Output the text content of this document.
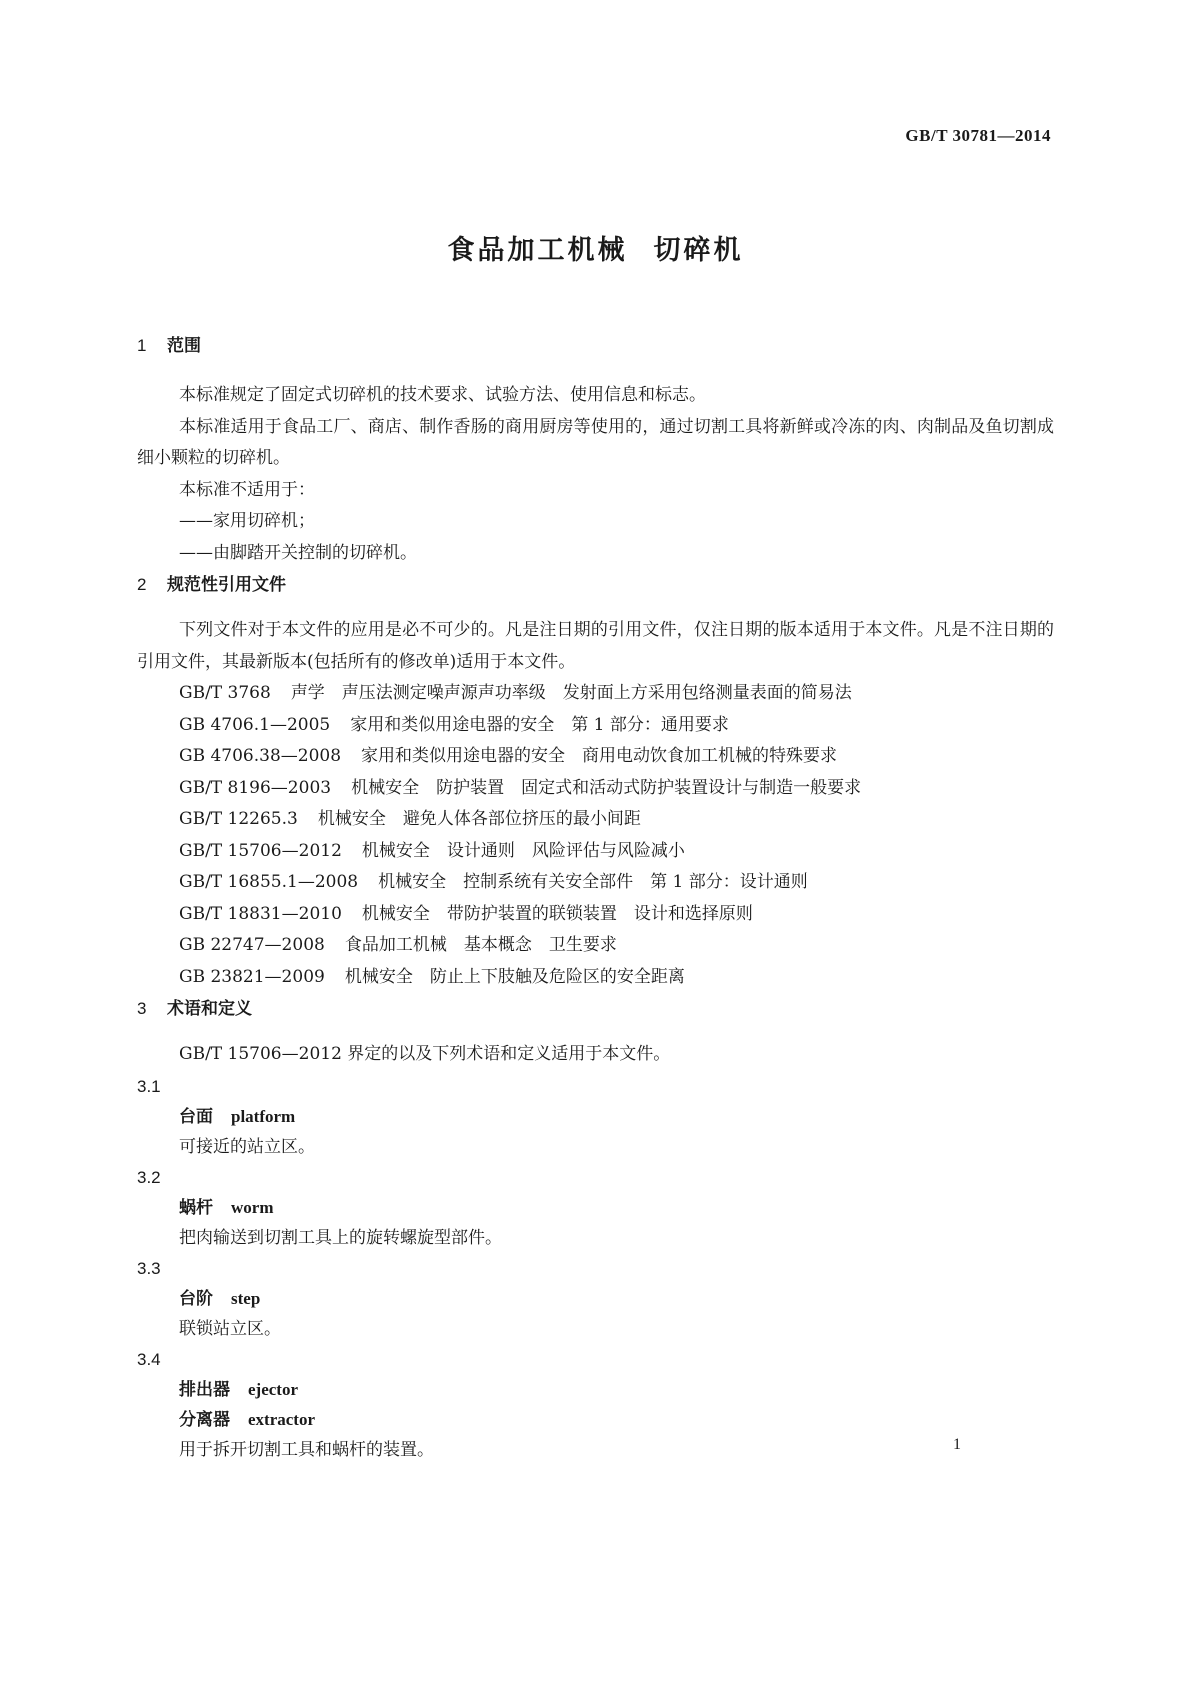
GB/T 30781—2014
食品加工机械 切碎机
1 范围

本标准规定了固定式切碎机的技术要求、试验方法、使用信息和标志。

本标准适用于食品工厂、商店、制作香肠的商用厨房等使用的，通过切割工具将新鲜或冷冻的肉、肉制品及鱼切割成细小颗粒的切碎机。

本标准不适用于：

——家用切碎机；
——由脚踏开关控制的切碎机。
2 规范性引用文件

下列文件对于本文件的应用是必不可少的。凡是注日期的引用文件，仅注日期的版本适用于本文件。凡是不注日期的引用文件，其最新版本(包括所有的修改单)适用于本文件。

GB/T 3768 声学　声压法测定噪声源声功率级　发射面上方采用包络测量表面的简易法
GB 4706.1—2005 家用和类似用途电器的安全　第 1 部分：通用要求
GB 4706.38—2008 家用和类似用途电器的安全　商用电动饮食加工机械的特殊要求
GB/T 8196—2003 机械安全　防护装置　固定式和活动式防护装置设计与制造一般要求
GB/T 12265.3 机械安全　避免人体各部位挤压的最小间距
GB/T 15706—2012 机械安全　设计通则　风险评估与风险减小
GB/T 16855.1—2008 机械安全　控制系统有关安全部件　第 1 部分：设计通则
GB/T 18831—2010 机械安全　带防护装置的联锁装置　设计和选择原则
GB 22747—2008 食品加工机械　基本概念　卫生要求
GB 23821—2009 机械安全　防止上下肢触及危险区的安全距离
3 术语和定义

GB/T 15706—2012 界定的以及下列术语和定义适用于本文件。

3.1
台面 platform
可接近的站立区。
3.2
蜗杆 worm
把肉输送到切割工具上的旋转螺旋型部件。
3.3
台阶 step
联锁站立区。
3.4
排出器 ejector
分离器 extractor
用于拆开切割工具和蜗杆的装置。	1
